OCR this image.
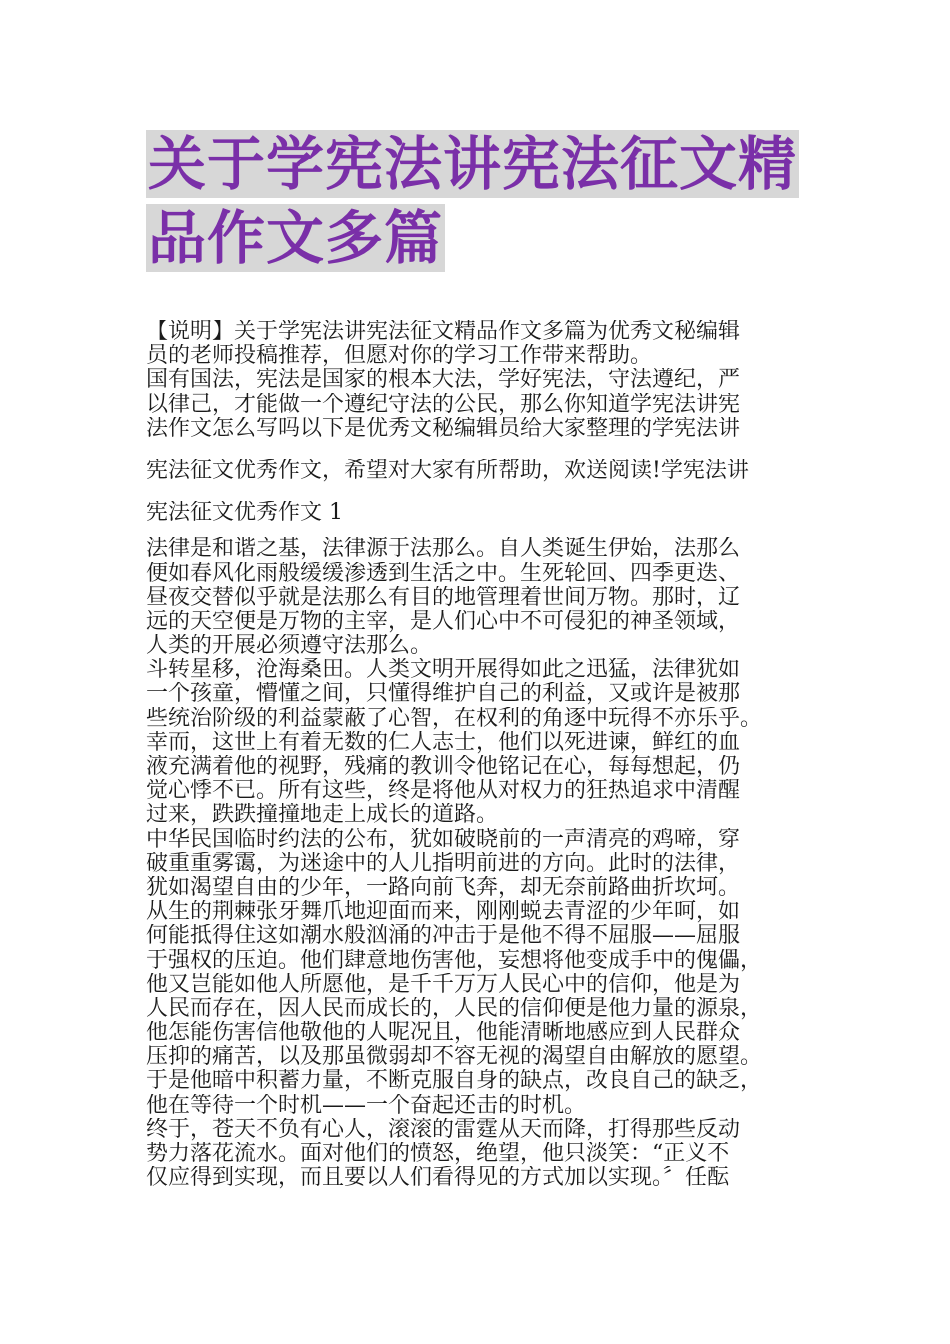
关于学宪法讲宪法征文精
品作文多篇
【说明】关于学宪法讲宪法征文精品作文多篇为优秀文秘编辑
员的老师投稿推荐，但愿对你的学习工作带来帮助。
国有国法，宪法是国家的根本大法，学好宪法，守法遵纪，严
以律己，才能做一个遵纪守法的公民，那么你知道学宪法讲宪
法作文怎么写吗以下是优秀文秘编辑员给大家整理的学宪法讲
宪法征文优秀作文，希望对大家有所帮助，欢送阅读!学宪法讲
宪法征文优秀作文 1
法律是和谐之基，法律源于法那么。自人类诞生伊始，法那么
便如春风化雨般缓缓渗透到生活之中。生死轮回、四季更迭、
昼夜交替似乎就是法那么有目的地管理着世间万物。那时，辽
远的天空便是万物的主宰，是人们心中不可侵犯的神圣领域，
人类的开展必须遵守法那么。
斗转星移，沧海桑田。人类文明开展得如此之迅猛，法律犹如
一个孩童，懵懂之间，只懂得维护自己的利益，又或许是被那
些统治阶级的利益蒙蔽了心智，在权利的角逐中玩得不亦乐乎。
幸而，这世上有着无数的仁人志士，他们以死进谏，鲜红的血
液充满着他的视野，残痛的教训令他铭记在心，每每想起，仍
觉心悸不已。所有这些，终是将他从对权力的狂热追求中清醒
过来，跌跌撞撞地走上成长的道路。
中华民国临时约法的公布，犹如破晓前的一声清亮的鸡啼，穿
破重重雾霭，为迷途中的人儿指明前进的方向。此时的法律，
犹如渴望自由的少年，一路向前飞奔，却无奈前路曲折坎坷。
从生的荆棘张牙舞爪地迎面而来，刚刚蜕去青涩的少年呵，如
何能抵得住这如潮水般汹涌的冲击于是他不得不屈服——屈服
于强权的压迫。他们肆意地伤害他，妄想将他变成手中的傀儡，
他又岂能如他人所愿他，是千千万万人民心中的信仰，他是为
人民而存在，因人民而成长的，人民的信仰便是他力量的源泉，
他怎能伤害信他敬他的人呢况且，他能清晰地感应到人民群众
压抑的痛苦，以及那虽微弱却不容无视的渴望自由解放的愿望。
于是他暗中积蓄力量，不断克服自身的缺点，改良自己的缺乏，
他在等待一个时机——一个奋起还击的时机。
终于，苍天不负有心人，滚滚的雷霆从天而降，打得那些反动
势力落花流水。面对他们的愤怒，绝望，他只淡笑：“正义不
仅应得到实现，而且要以人们看得见的方式加以实现。〞任酝
